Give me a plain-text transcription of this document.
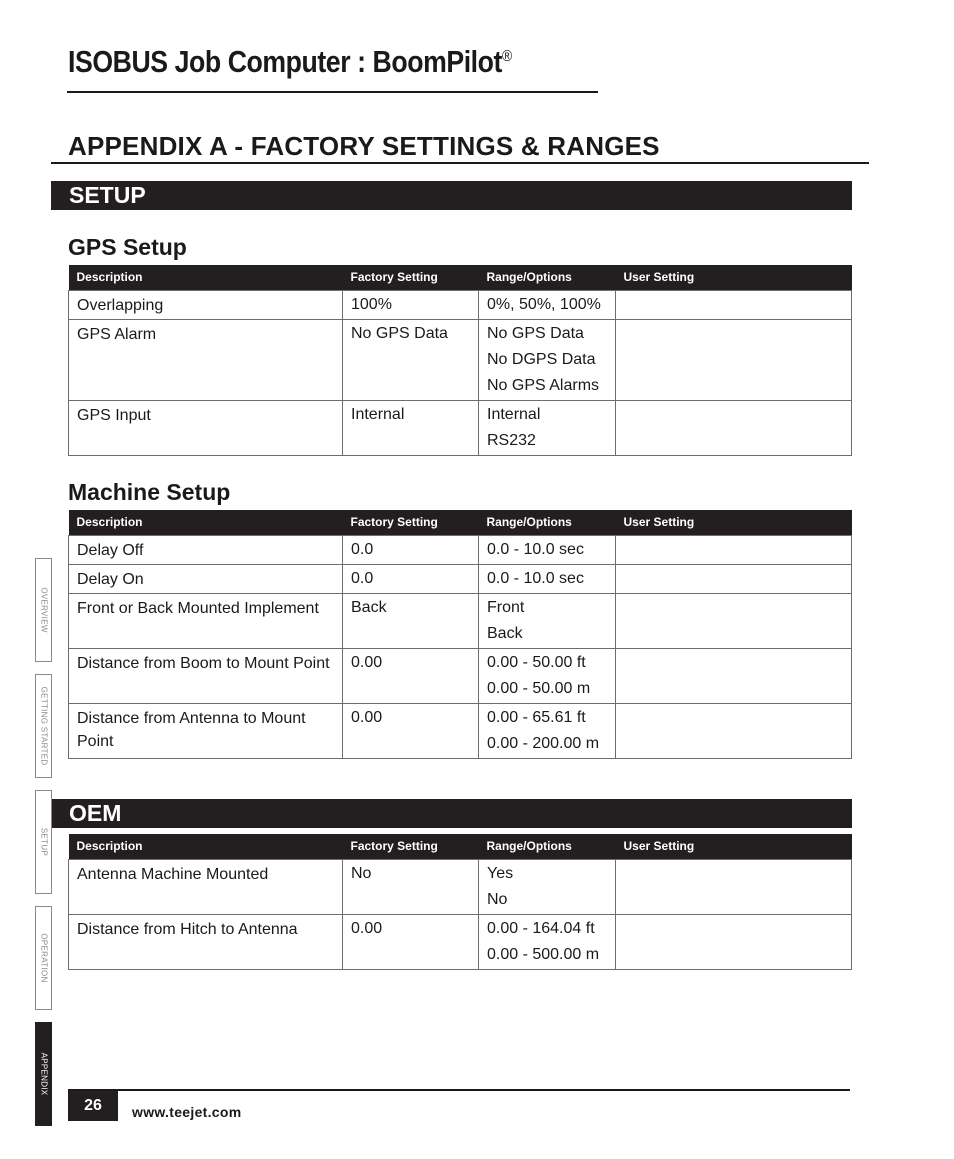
ISOBUS Job Computer : BoomPilot®
APPENDIX A - FACTORY SETTINGS & RANGES
SETUP
GPS Setup
Description	Factory Setting	Range/Options	User Setting
Overlapping	100%	0%, 50%, 100%	

GPS Alarm	No GPS Data	No GPS Data
No DGPS Data
No GPS Alarms	

GPS Input	Internal	Internal
RS232	

Machine Setup
Description	Factory Setting	Range/Options	User Setting
Delay Off	0.0	0.0 - 10.0 sec	

Delay On	0.0	0.0 - 10.0 sec	

Front or Back Mounted Implement	Back	Front
Back	

Distance from Boom to Mount Point	0.00	0.00 - 50.00 ft
0.00 - 50.00 m	

Distance from Antenna to Mount Point	0.00	0.00 - 65.61 ft
0.00 - 200.00 m	

OEM
Description	Factory Setting	Range/Options	User Setting
Antenna Machine Mounted	No	Yes
No	

Distance from Hitch to Antenna	0.00	0.00 - 164.04 ft
0.00 - 500.00 m	

OVERVIEW
GETTING STARTED
SETUP
OPERATION
APPENDIX
26	www.teejet.com
